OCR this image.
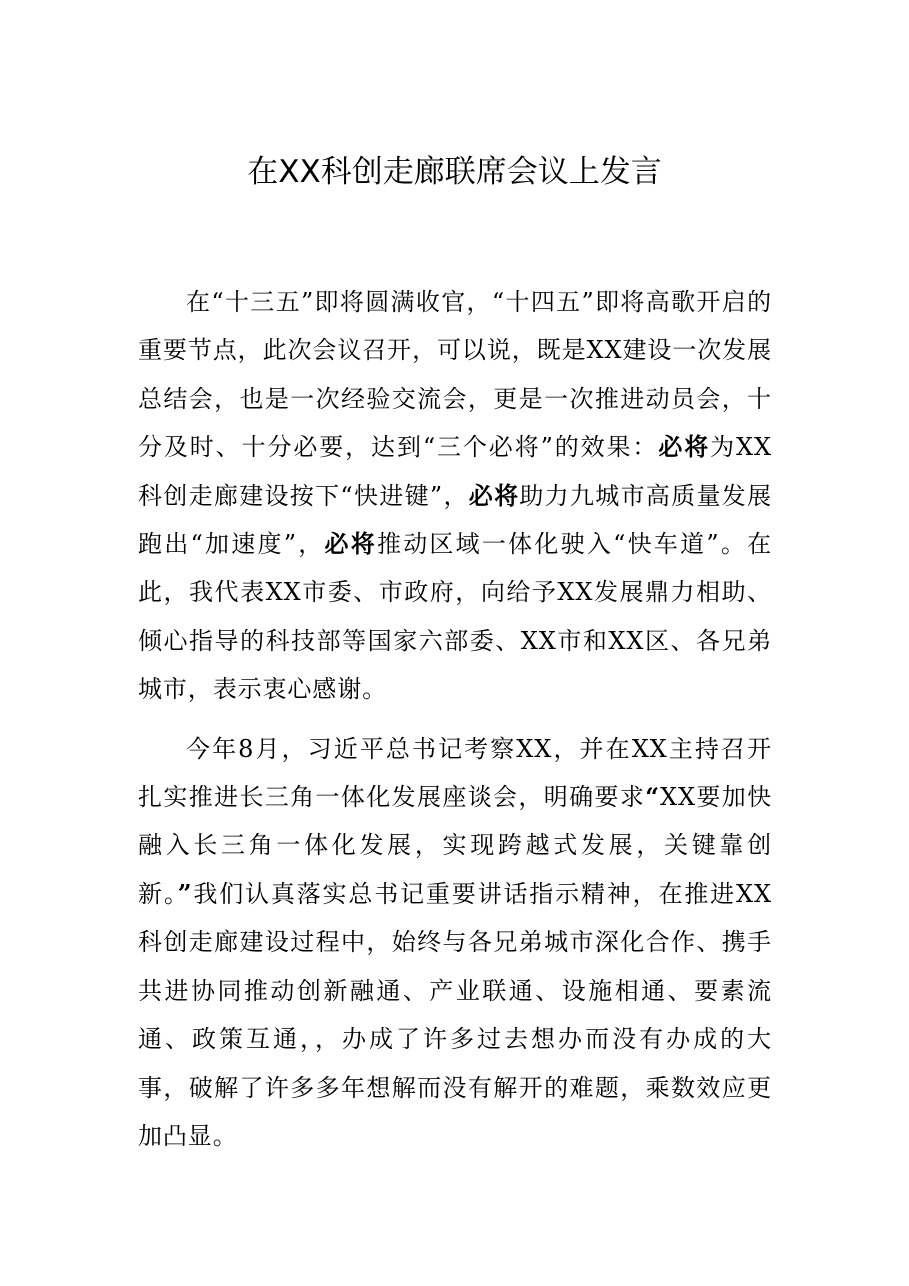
在XX科创走廊联席会议上发言

在“十三五”即将圆满收官，“十四五”即将高歌开启的重要节点，此次会议召开，可以说，既是XX建设一次发展总结会，也是一次经验交流会，更是一次推进动员会，十分及时、十分必要，达到“三个必将”的效果：必将为XX科创走廊建设按下“快进键”，必将助力九城市高质量发展跑出“加速度”，必将推动区域一体化驶入“快车道”。在此，我代表XX市委、市政府，向给予XX发展鼎力相助、倾心指导的科技部等国家六部委、XX市和XX区、各兄弟城市，表示衷心感谢。

今年8月，习近平总书记考察XX，并在XX主持召开扎实推进长三角一体化发展座谈会，明确要求“XX要加快融入长三角一体化发展，实现跨越式发展，关键靠创新。”我们认真落实总书记重要讲话指示精神，在推进XX科创走廊建设过程中，始终与各兄弟城市深化合作、携手共进协同推动创新融通、产业联通、设施相通、要素流通、政策互通，，办成了许多过去想办而没有办成的大事，破解了许多多年想解而没有解开的难题，乘数效应更加凸显。
